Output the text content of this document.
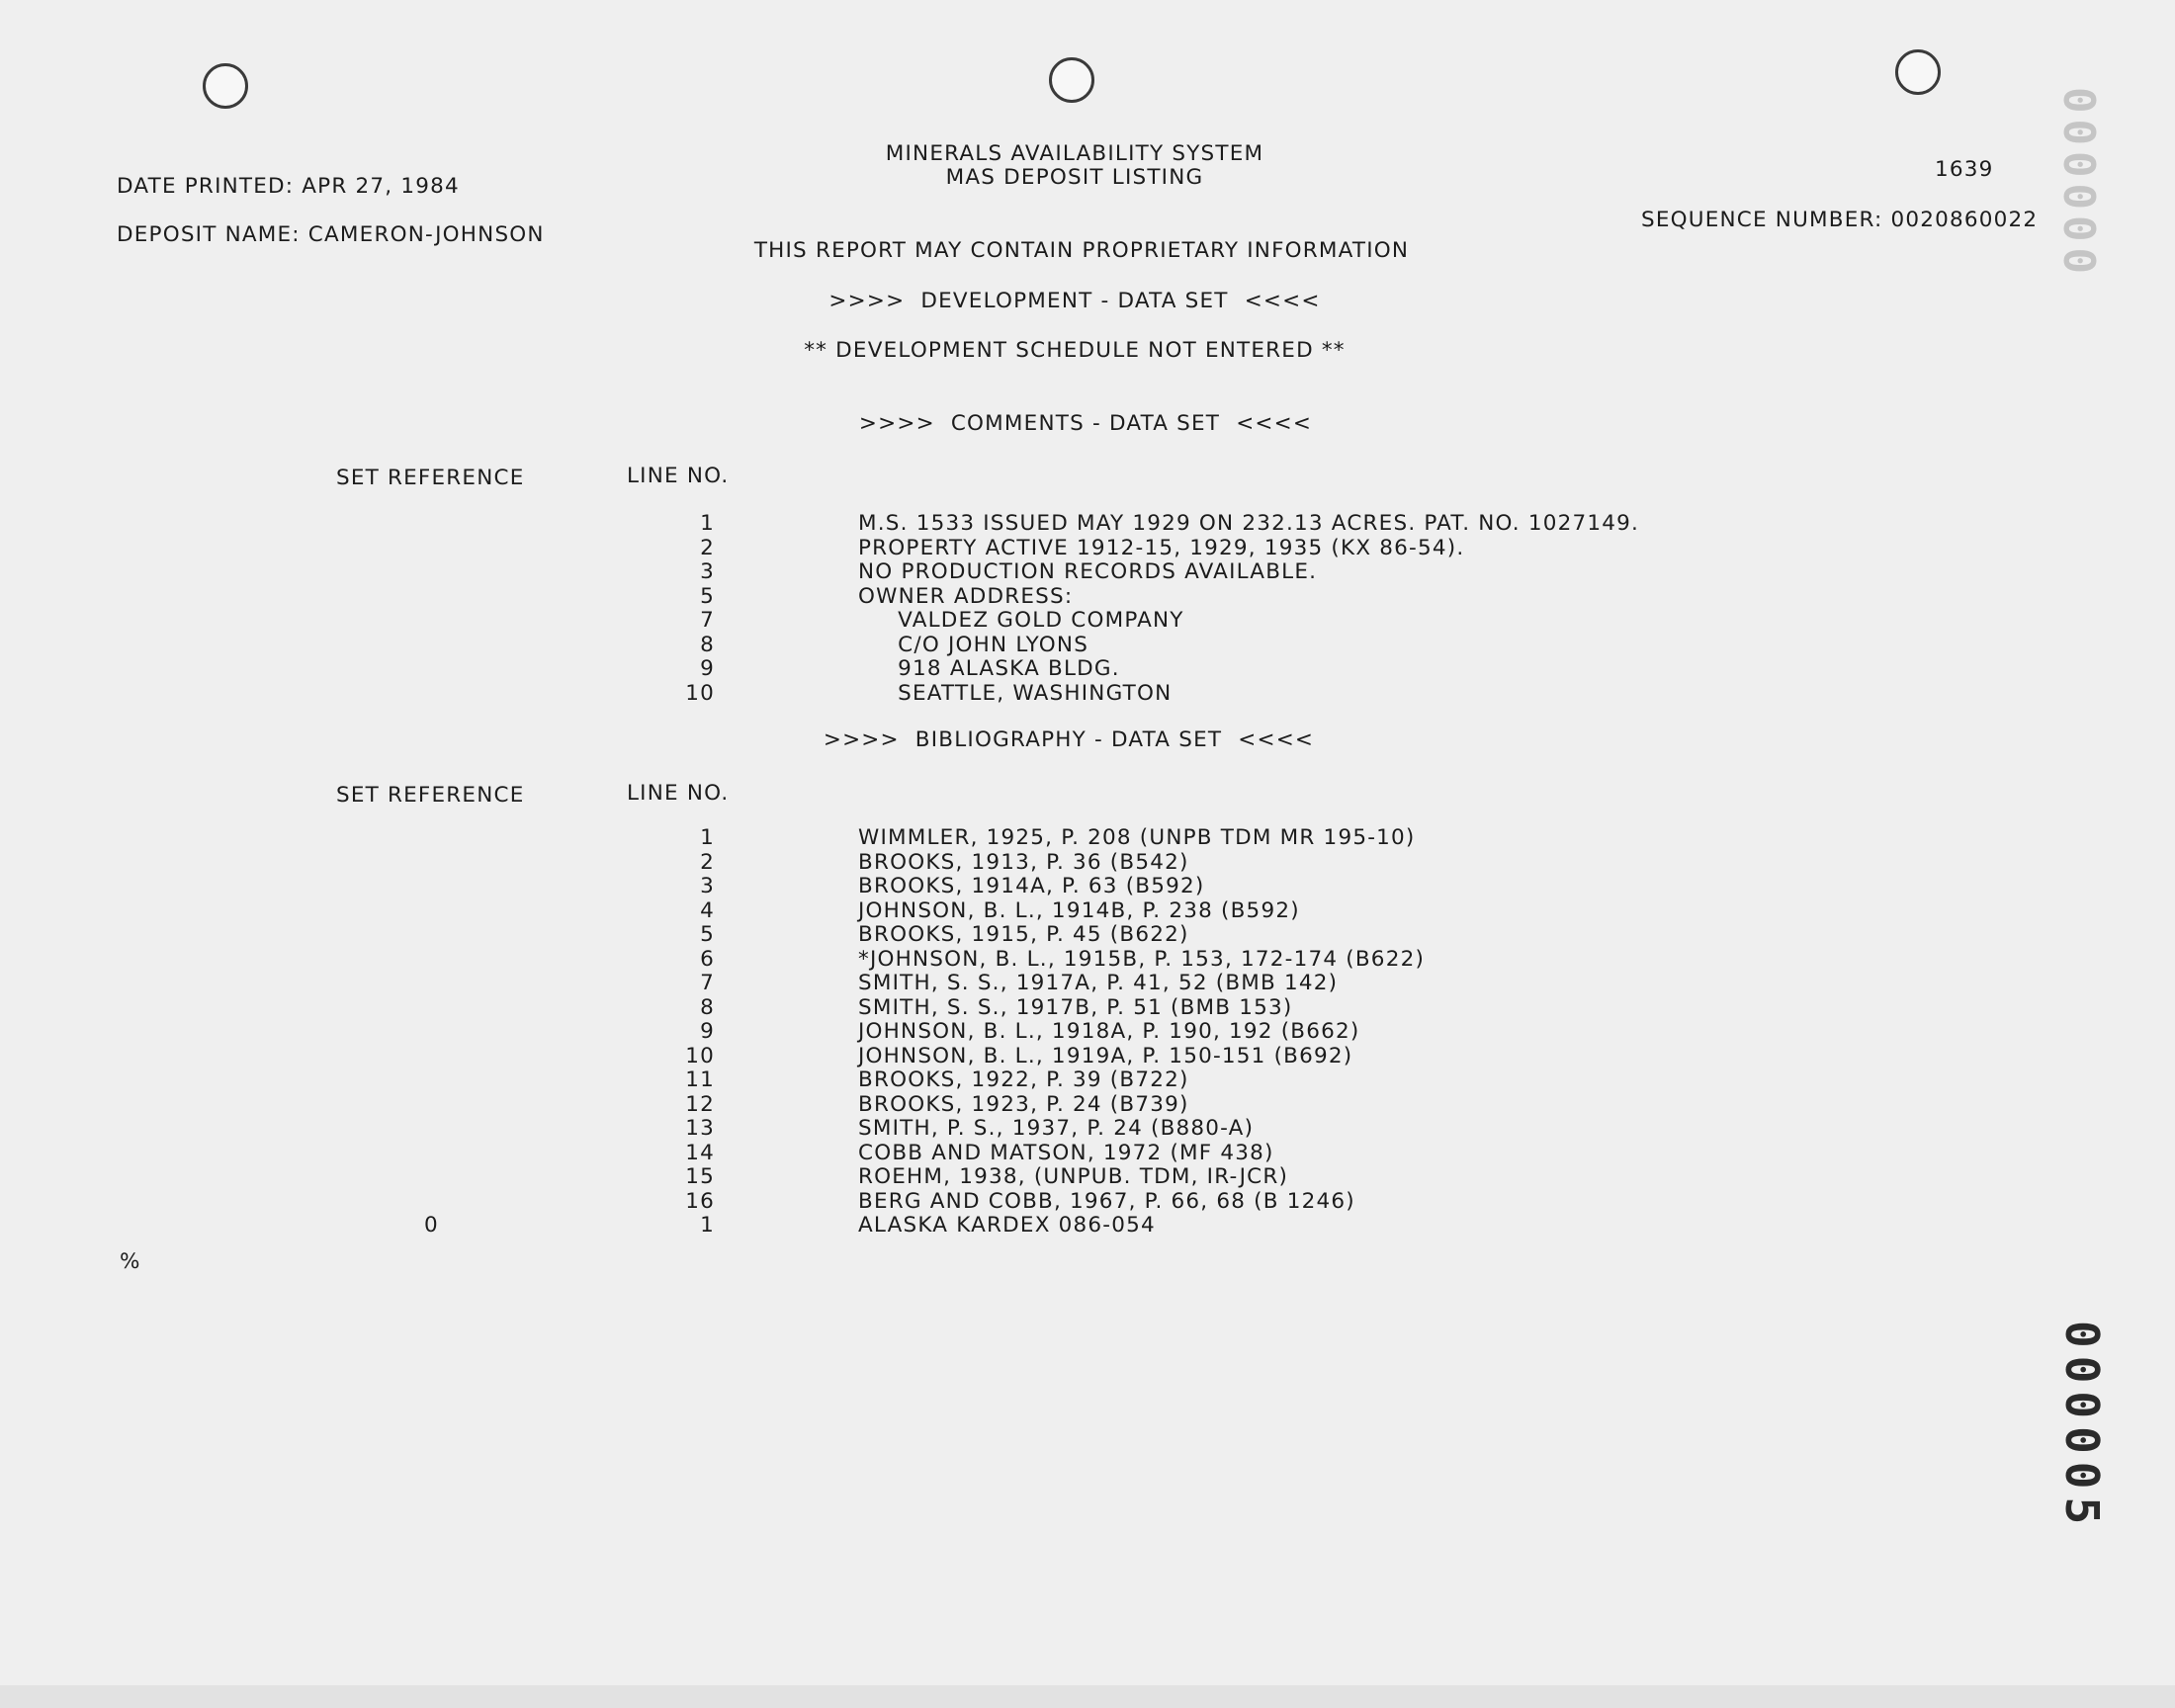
MINERALS AVAILABILITY SYSTEM
MAS DEPOSIT LISTING	1639
DATE PRINTED: APR 27, 1984
DEPOSIT NAME: CAMERON-JOHNSON
SEQUENCE NUMBER: 0020860022
THIS REPORT MAY CONTAIN PROPRIETARY INFORMATION
>>>>  DEVELOPMENT - DATA SET  <<<<
** DEVELOPMENT SCHEDULE NOT ENTERED **
>>>>  COMMENTS - DATA SET  <<<<
SET REFERENCE	LINE NO.
1	M.S. 1533 ISSUED MAY 1929 ON 232.13 ACRES. PAT. NO. 1027149.
2	PROPERTY ACTIVE 1912-15, 1929, 1935 (KX 86-54).
3	NO PRODUCTION RECORDS AVAILABLE.
5	OWNER ADDRESS:
7	VALDEZ GOLD COMPANY
8	C/O JOHN LYONS
9	918 ALASKA BLDG.
10	SEATTLE, WASHINGTON
>>>>  BIBLIOGRAPHY - DATA SET  <<<<
SET REFERENCE	LINE NO.
1	WIMMLER, 1925, P. 208 (UNPB TDM MR 195-10)
2	BROOKS, 1913, P. 36 (B542)
3	BROOKS, 1914A, P. 63 (B592)
4	JOHNSON, B. L., 1914B, P. 238 (B592)
5	BROOKS, 1915, P. 45 (B622)
6	*JOHNSON, B. L., 1915B, P. 153, 172-174 (B622)
7	SMITH, S. S., 1917A, P. 41, 52 (BMB 142)
8	SMITH, S. S., 1917B, P. 51 (BMB 153)
9	JOHNSON, B. L., 1918A, P. 190, 192 (B662)
10	JOHNSON, B. L., 1919A, P. 150-151 (B692)
11	BROOKS, 1922, P. 39 (B722)
12	BROOKS, 1923, P. 24 (B739)
13	SMITH, P. S., 1937, P. 24 (B880-A)
14	COBB AND MATSON, 1972 (MF 438)
15	ROEHM, 1938, (UNPUB. TDM, IR-JCR)
16	BERG AND COBB, 1967, P. 66, 68 (B 1246)
0	1	ALASKA KARDEX 086-054
%
000000
000005
